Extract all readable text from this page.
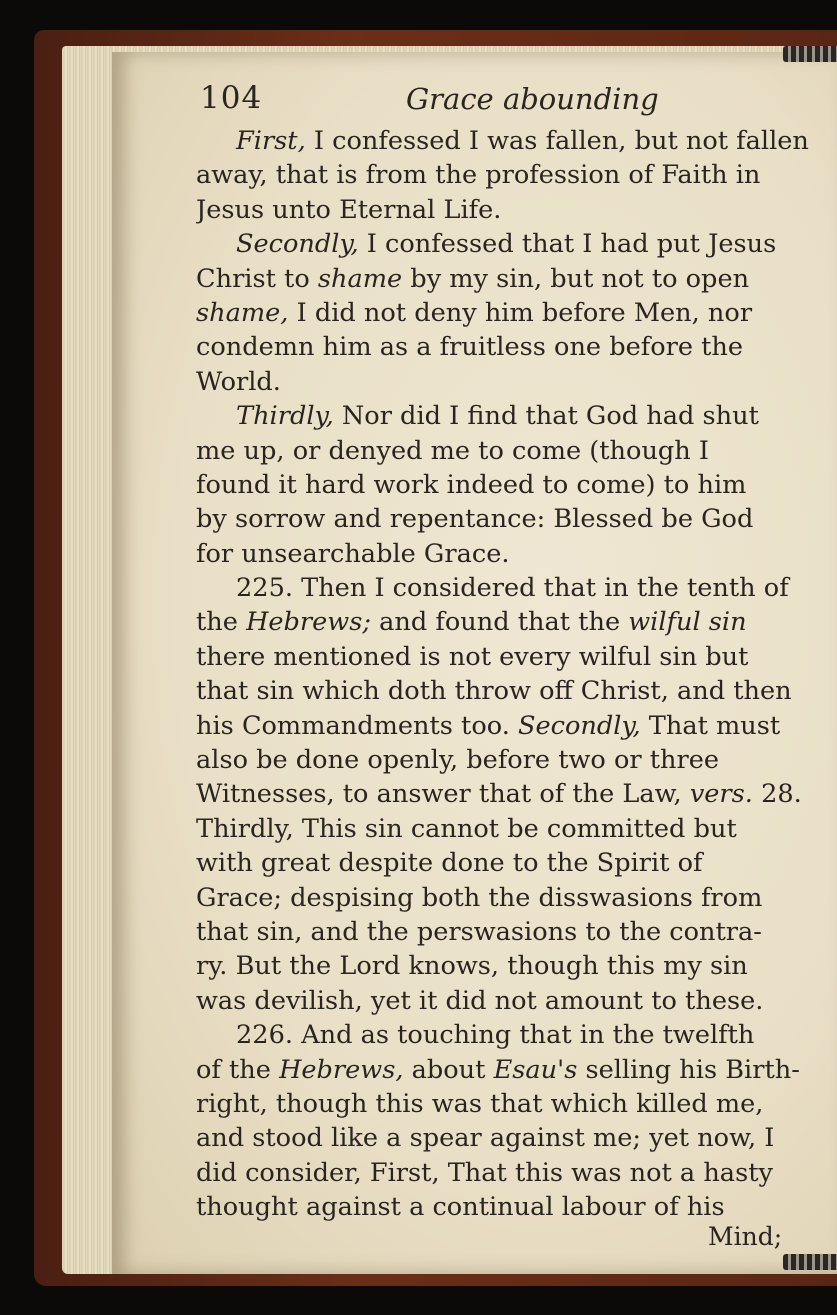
104	Grace abounding
First, I confessed I was fallen, but not fallen
away, that is from the profession of Faith in
Jesus unto Eternal Life.
Secondly, I confessed that I had put Jesus
Christ to shame by my sin, but not to open
shame, I did not deny him before Men, nor
condemn him as a fruitless one before the
World.
Thirdly, Nor did I find that God had shut
me up, or denyed me to come (though I
found it hard work indeed to come) to him
by sorrow and repentance: Blessed be God
for unsearchable Grace.
225. Then I considered that in the tenth of
the Hebrews; and found that the wilful sin
there mentioned is not every wilful sin but
that sin which doth throw off Christ, and then
his Commandments too. Secondly, That must
also be done openly, before two or three
Witnesses, to answer that of the Law, vers. 28.
Thirdly, This sin cannot be committed but
with great despite done to the Spirit of
Grace; despising both the disswasions from
that sin, and the perswasions to the contra-
ry. But the Lord knows, though this my sin
was devilish, yet it did not amount to these.
226. And as touching that in the twelfth
of the Hebrews, about Esau's selling his Birth-
right, though this was that which killed me,
and stood like a spear against me; yet now, I
did consider, First, That this was not a hasty
thought against a continual labour of his
Mind;
